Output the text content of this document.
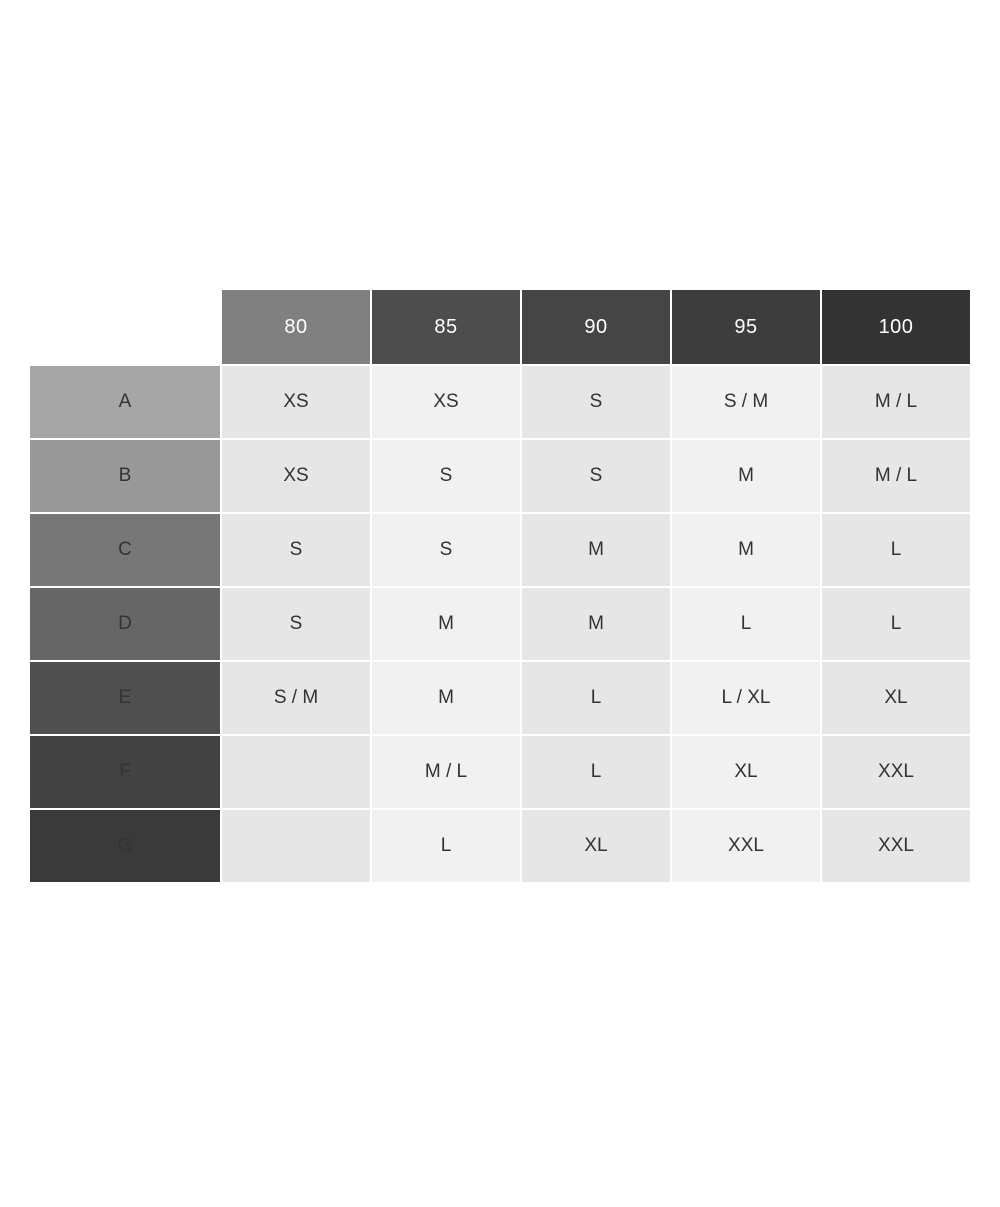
	80	85	90	95	100
A	XS	XS	S	S / M	M / L
B	XS	S	S	M	M / L
C	S	S	M	M	L
D	S	M	M	L	L
E	S / M	M	L	L / XL	XL
F		M / L	L	XL	XXL
G		L	XL	XXL	XXL
